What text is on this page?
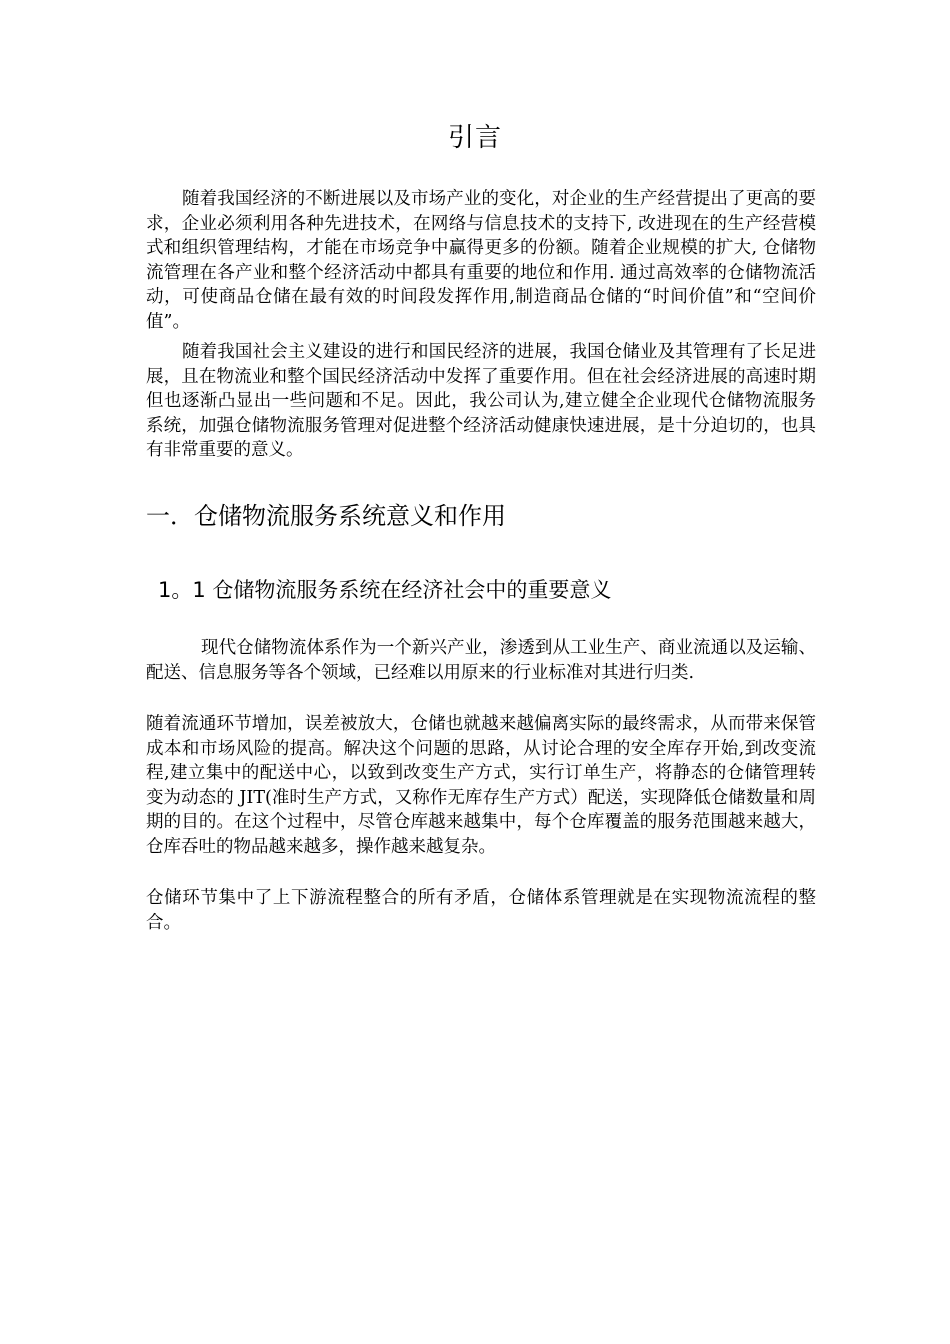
引言

随着我国经济的不断进展以及市场产业的变化，对企业的生产经营提出了更高的要求，企业必须利用各种先进技术，在网络与信息技术的支持下, 改进现在的生产经营模式和组织管理结构，才能在市场竞争中赢得更多的份额。随着企业规模的扩大, 仓储物流管理在各产业和整个经济活动中都具有重要的地位和作用. 通过高效率的仓储物流活动，可使商品仓储在最有效的时间段发挥作用,制造商品仓储的“时间价值”和“空间价值”。

随着我国社会主义建设的进行和国民经济的进展，我国仓储业及其管理有了长足进展，且在物流业和整个国民经济活动中发挥了重要作用。但在社会经济进展的高速时期但也逐渐凸显出一些问题和不足。因此，我公司认为,建立健全企业现代仓储物流服务系统，加强仓储物流服务管理对促进整个经济活动健康快速进展，是十分迫切的，也具有非常重要的意义。

一．仓储物流服务系统意义和作用
1。1 仓储物流服务系统在经济社会中的重要意义

现代仓储物流体系作为一个新兴产业，渗透到从工业生产、商业流通以及运输、配送、信息服务等各个领域，已经难以用原来的行业标准对其进行归类.

随着流通环节增加，误差被放大，仓储也就越来越偏离实际的最终需求，从而带来保管成本和市场风险的提高。解决这个问题的思路，从讨论合理的安全库存开始,到改变流程,建立集中的配送中心，以致到改变生产方式，实行订单生产，将静态的仓储管理转变为动态的 JIT(准时生产方式，又称作无库存生产方式）配送，实现降低仓储数量和周期的目的。在这个过程中，尽管仓库越来越集中，每个仓库覆盖的服务范围越来越大，仓库吞吐的物品越来越多，操作越来越复杂。

仓储环节集中了上下游流程整合的所有矛盾，仓储体系管理就是在实现物流流程的整合。
